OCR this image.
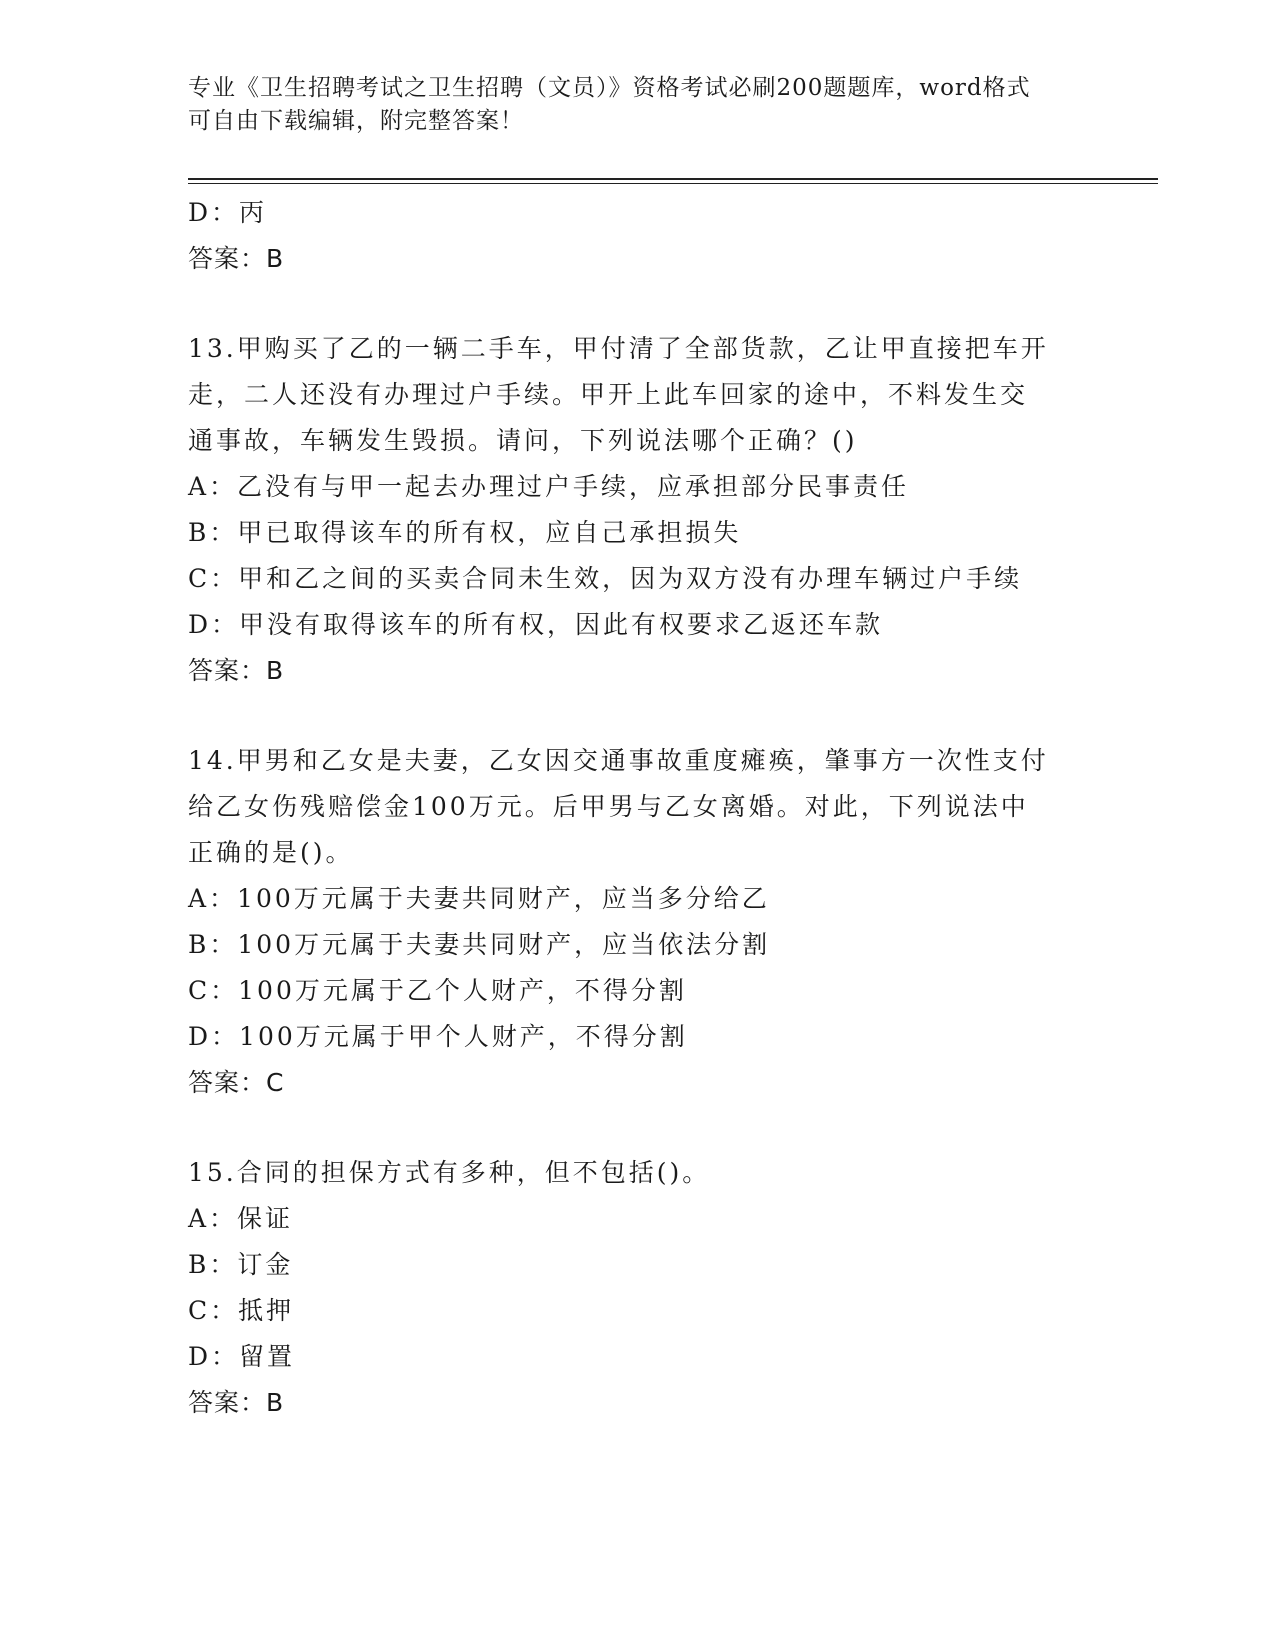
专业《卫生招聘考试之卫生招聘（文员）》资格考试必刷200题题库，word格式
可自由下载编辑，附完整答案！
D：丙
答案：B
13.甲购买了乙的一辆二手车，甲付清了全部货款，乙让甲直接把车开
走，二人还没有办理过户手续。甲开上此车回家的途中，不料发生交
通事故，车辆发生毁损。请问，下列说法哪个正确？()
A：乙没有与甲一起去办理过户手续，应承担部分民事责任
B：甲已取得该车的所有权，应自己承担损失
C：甲和乙之间的买卖合同未生效，因为双方没有办理车辆过户手续
D：甲没有取得该车的所有权，因此有权要求乙返还车款
答案：B
14.甲男和乙女是夫妻，乙女因交通事故重度瘫痪，肇事方一次性支付
给乙女伤残赔偿金100万元。后甲男与乙女离婚。对此，下列说法中
正确的是()。
A：100万元属于夫妻共同财产，应当多分给乙
B：100万元属于夫妻共同财产，应当依法分割
C：100万元属于乙个人财产，不得分割
D：100万元属于甲个人财产，不得分割
答案：C
15.合同的担保方式有多种，但不包括()。
A：保证
B：订金
C：抵押
D：留置
答案：B
